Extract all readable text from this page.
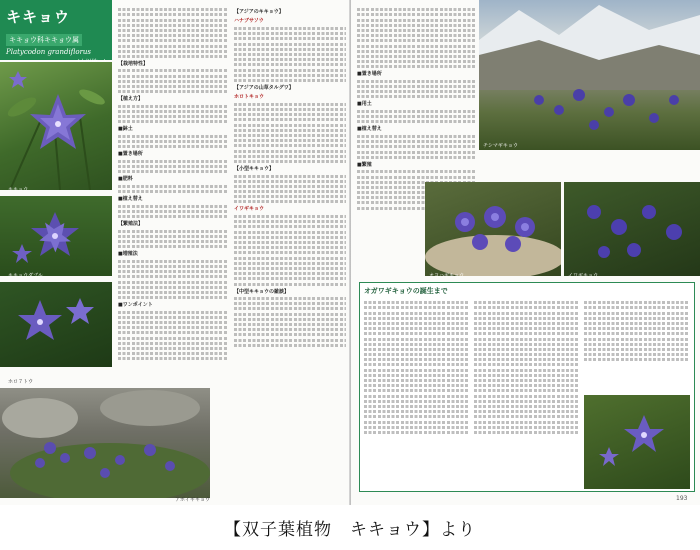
キキョウ
キキョウ科キキョウ属
Platycodon grandiflorus
キキョウ
キキョウダブル
ホロ７トウ
アポイギキョウ
【栽培特性】
【植え方】
■鉢土
■置き場所
■肥料
■植え替え
【繁殖法】
■増殖法
■ワンポイント
【アジアのキキョウ】
ハナブサソウ
【アジアの山草タルグワ】
ホロトキョウ
【小型キキョウ】
イワギキョウ
【中型キキョウの雑談】
■置き場所
■用土
■植え替え
■繁殖
チシマギキョウ
オヨハギキョウ	イワギキョウ
オガワギキョウの誕生まで
193
【双子葉植物　キキョウ】より
